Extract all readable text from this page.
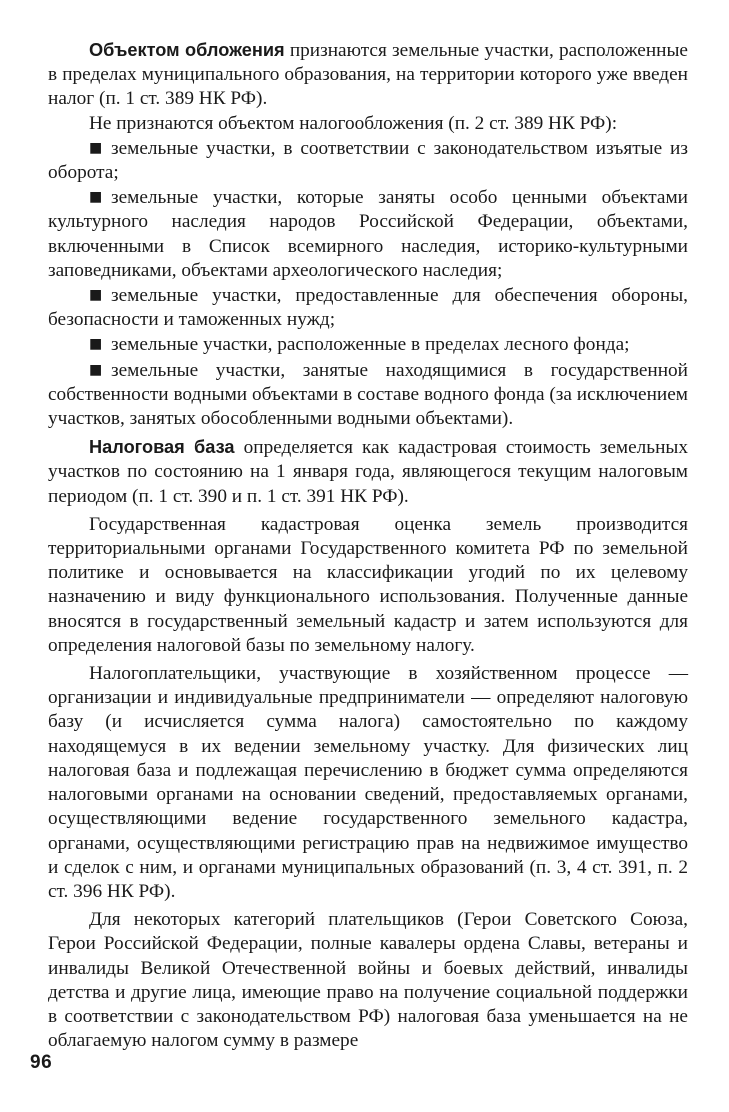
Объектом обложения признаются земельные участки, расположенные в пределах муниципального образования, на территории которого уже введен налог (п. 1 ст. 389 НК РФ).

Не признаются объектом налогообложения (п. 2 ст. 389 НК РФ):

■ земельные участки, в соответствии с законодательством изъятые из оборота;

■ земельные участки, которые заняты особо ценными объектами культурного наследия народов Российской Федерации, объектами, включенными в Список всемирного наследия, историко-культурными заповедниками, объектами археологического наследия;

■ земельные участки, предоставленные для обеспечения обороны, безопасности и таможенных нужд;

■ земельные участки, расположенные в пределах лесного фонда;

■ земельные участки, занятые находящимися в государственной собственности водными объектами в составе водного фонда (за исключением участков, занятых обособленными водными объектами).

Налоговая база определяется как кадастровая стоимость земельных участков по состоянию на 1 января года, являющегося текущим налоговым периодом (п. 1 ст. 390 и п. 1 ст. 391 НК РФ).

Государственная кадастровая оценка земель производится территориальными органами Государственного комитета РФ по земельной политике и основывается на классификации угодий по их целевому назначению и виду функционального использования. Полученные данные вносятся в государственный земельный кадастр и затем используются для определения налоговой базы по земельному налогу.

Налогоплательщики, участвующие в хозяйственном процессе — организации и индивидуальные предприниматели — определяют налоговую базу (и исчисляется сумма налога) самостоятельно по каждому находящемуся в их ведении земельному участку. Для физических лиц налоговая база и подлежащая перечислению в бюджет сумма определяются налоговыми органами на основании сведений, предоставляемых органами, осуществляющими ведение государственного земельного кадастра, органами, осуществляющими регистрацию прав на недвижимое имущество и сделок с ним, и органами муниципальных образований (п. 3, 4 ст. 391, п. 2 ст. 396 НК РФ).

Для некоторых категорий плательщиков (Герои Советского Союза, Герои Российской Федерации, полные кавалеры ордена Славы, ветераны и инвалиды Великой Отечественной войны и боевых действий, инвалиды детства и другие лица, имеющие право на получение социальной поддержки в соответствии с законодательством РФ) налоговая база уменьшается на не облагаемую налогом сумму в размере

96
